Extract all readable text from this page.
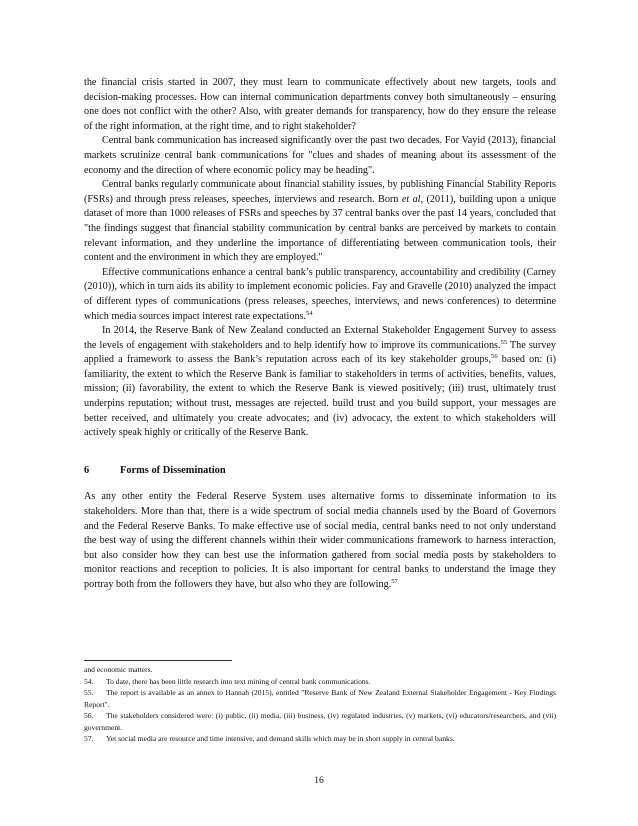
the financial crisis started in 2007, they must learn to communicate effectively about new targets, tools and decision-making processes. How can internal communication departments convey both simultaneously – ensuring one does not conflict with the other? Also, with greater demands for transparency, how do they ensure the release of the right information, at the right time, and to right stakeholder?

Central bank communication has increased significantly over the past two decades. For Vayid (2013), financial markets scrutinize central bank communications for "clues and shades of meaning about its assessment of the economy and the direction of where economic policy may be heading".

Central banks regularly communicate about financial stability issues, by publishing Financial Stability Reports (FSRs) and through press releases, speeches, interviews and research. Born et al, (2011), building upon a unique dataset of more than 1000 releases of FSRs and speeches by 37 central banks over the past 14 years, concluded that "the findings suggest that financial stability communication by central banks are perceived by markets to contain relevant information, and they underline the importance of differentiating between communication tools, their content and the environment in which they are employed."

Effective communications enhance a central bank’s public transparency, accountability and credibility (Carney (2010)), which in turn aids its ability to implement economic policies. Fay and Gravelle (2010) analyzed the impact of different types of communications (press releases, speeches, interviews, and news conferences) to determine which media sources impact interest rate expectations.$^{54}$

In 2014, the Reserve Bank of New Zealand conducted an External Stakeholder Engagement Survey to assess the levels of engagement with stakeholders and to help identify how to improve its communications.$^{55}$ The survey applied a framework to assess the Bank’s reputation across each of its key stakeholder groups,$^{56}$ based on: (i) familiarity, the extent to which the Reserve Bank is familiar to stakeholders in terms of activities, benefits, values, mission; (ii) favorability, the extent to which the Reserve Bank is viewed positively; (iii) trust, ultimately trust underpins reputation; without trust, messages are rejected. build trust and you build support, your messages are better received, and ultimately you create advocates; and (iv) advocacy, the extent to which stakeholders will actively speak highly or critically of the Reserve Bank.

6	Forms of Dissemination

As any other entity the Federal Reserve System uses alternative forms to disseminate information to its stakeholders. More than that, there is a wide spectrum of social media channels used by the Board of Governors and the Federal Reserve Banks. To make effective use of social media, central banks need to not only understand the best way of using the different channels within their wider communications framework to harness interaction, but also consider how they can best use the information gathered from social media posts by stakeholders to monitor reactions and reception to policies. It is also important for central banks to understand the image they portray both from the followers they have, but also who they are following.$^{57}$

and economic matters.

54. To date, there has been little research into text mining of central bank communications.

55. The report is available as an annex to Hannah (2015), entitled "Reserve Bank of New Zealand External Stakeholder Engagement - Key Findings Report".

56. The stakeholders considered were: (i) public, (ii) media, (iii) business, (iv) regulated industries, (v) markets, (vi) educators/researchers, and (vii) government.

57. Yet social media are resource and time intensive, and demand skills which may be in short supply in central banks.

16
